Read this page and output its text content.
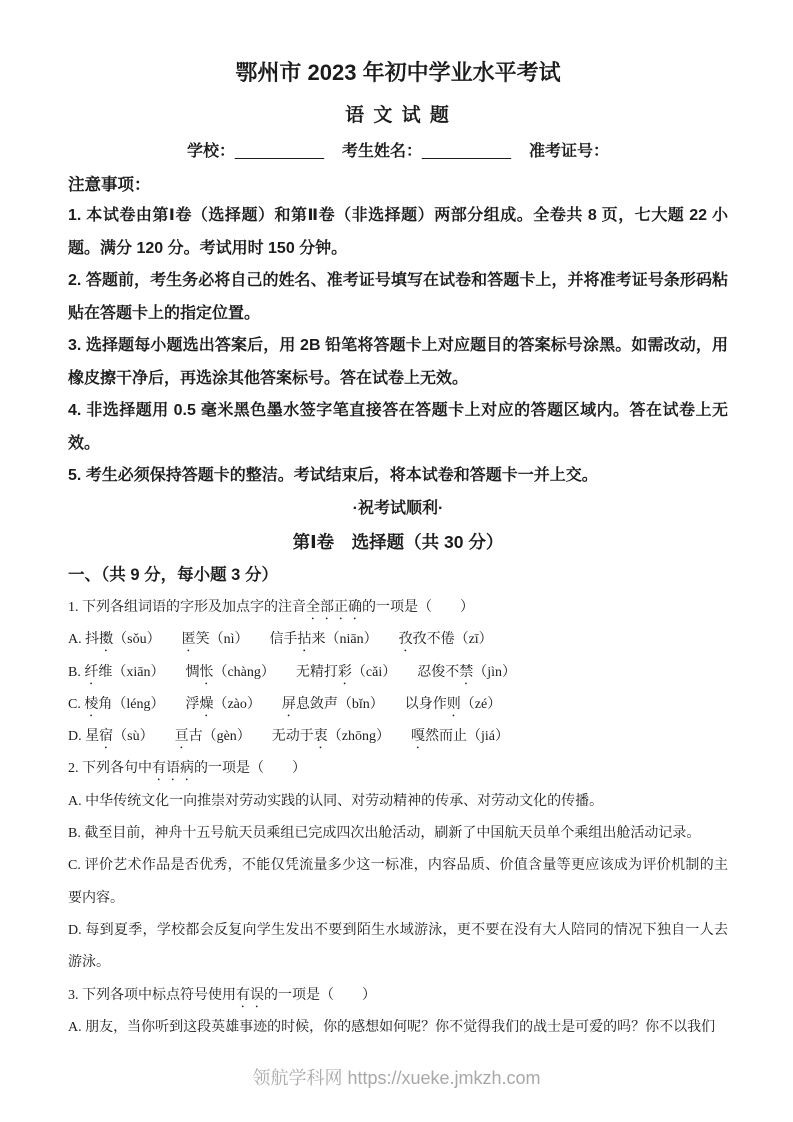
鄂州市 2023 年初中学业水平考试
语 文 试 题
学校：__________ 考生姓名：__________ 准考证号：
注意事项：

1. 本试卷由第Ⅰ卷（选择题）和第Ⅱ卷（非选择题）两部分组成。全卷共 8 页，七大题 22 小题。满分 120 分。考试用时 150 分钟。

2. 答题前，考生务必将自己的姓名、准考证号填写在试卷和答题卡上，并将准考证号条形码粘贴在答题卡上的指定位置。

3. 选择题每小题选出答案后，用 2B 铅笔将答题卡上对应题目的答案标号涂黑。如需改动，用橡皮擦干净后，再选涂其他答案标号。答在试卷上无效。

4. 非选择题用 0.5 毫米黑色墨水签字笔直接答在答题卡上对应的答题区域内。答在试卷上无效。

5. 考生必须保持答题卡的整洁。考试结束后，将本试卷和答题卡一并上交。

·祝考试顺利·

第Ⅰ卷　选择题（共 30 分）

一、（共 9 分，每小题 3 分）

1. 下列各组词语的字形及加点字的注音全部正确的一项是（　　）

A. 抖擞（sǒu）　　匿笑（nì）　　信手拈来（niān）　　孜孜不倦（zī）

B. 纤维（xiān）　　惆怅（chàng）　　无精打彩（cǎi）　　忍俊不禁（jìn）

C. 棱角（léng）　　浮燥（zào）　　屏息敛声（bǐn）　　以身作则（zé）

D. 星宿（sù）　　亘古（gèn）　　无动于衷（zhōng）　　嘎然而止（jiá）

2. 下列各句中有语病的一项是（　　）

A. 中华传统文化一向推崇对劳动实践的认同、对劳动精神的传承、对劳动文化的传播。

B. 截至目前，神舟十五号航天员乘组已完成四次出舱活动，刷新了中国航天员单个乘组出舱活动记录。

C. 评价艺术作品是否优秀，不能仅凭流量多少这一标准，内容品质、价值含量等更应该成为评价机制的主要内容。

D. 每到夏季，学校都会反复向学生发出不要到陌生水域游泳，更不要在没有大人陪同的情况下独自一人去游泳。

3. 下列各项中标点符号使用有误的一项是（　　）

A. 朋友，当你听到这段英雄事迹的时候，你的感想如何呢？你不觉得我们的战士是可爱的吗？你不以我们

领航学科网 https://xueke.jmkzh.com
